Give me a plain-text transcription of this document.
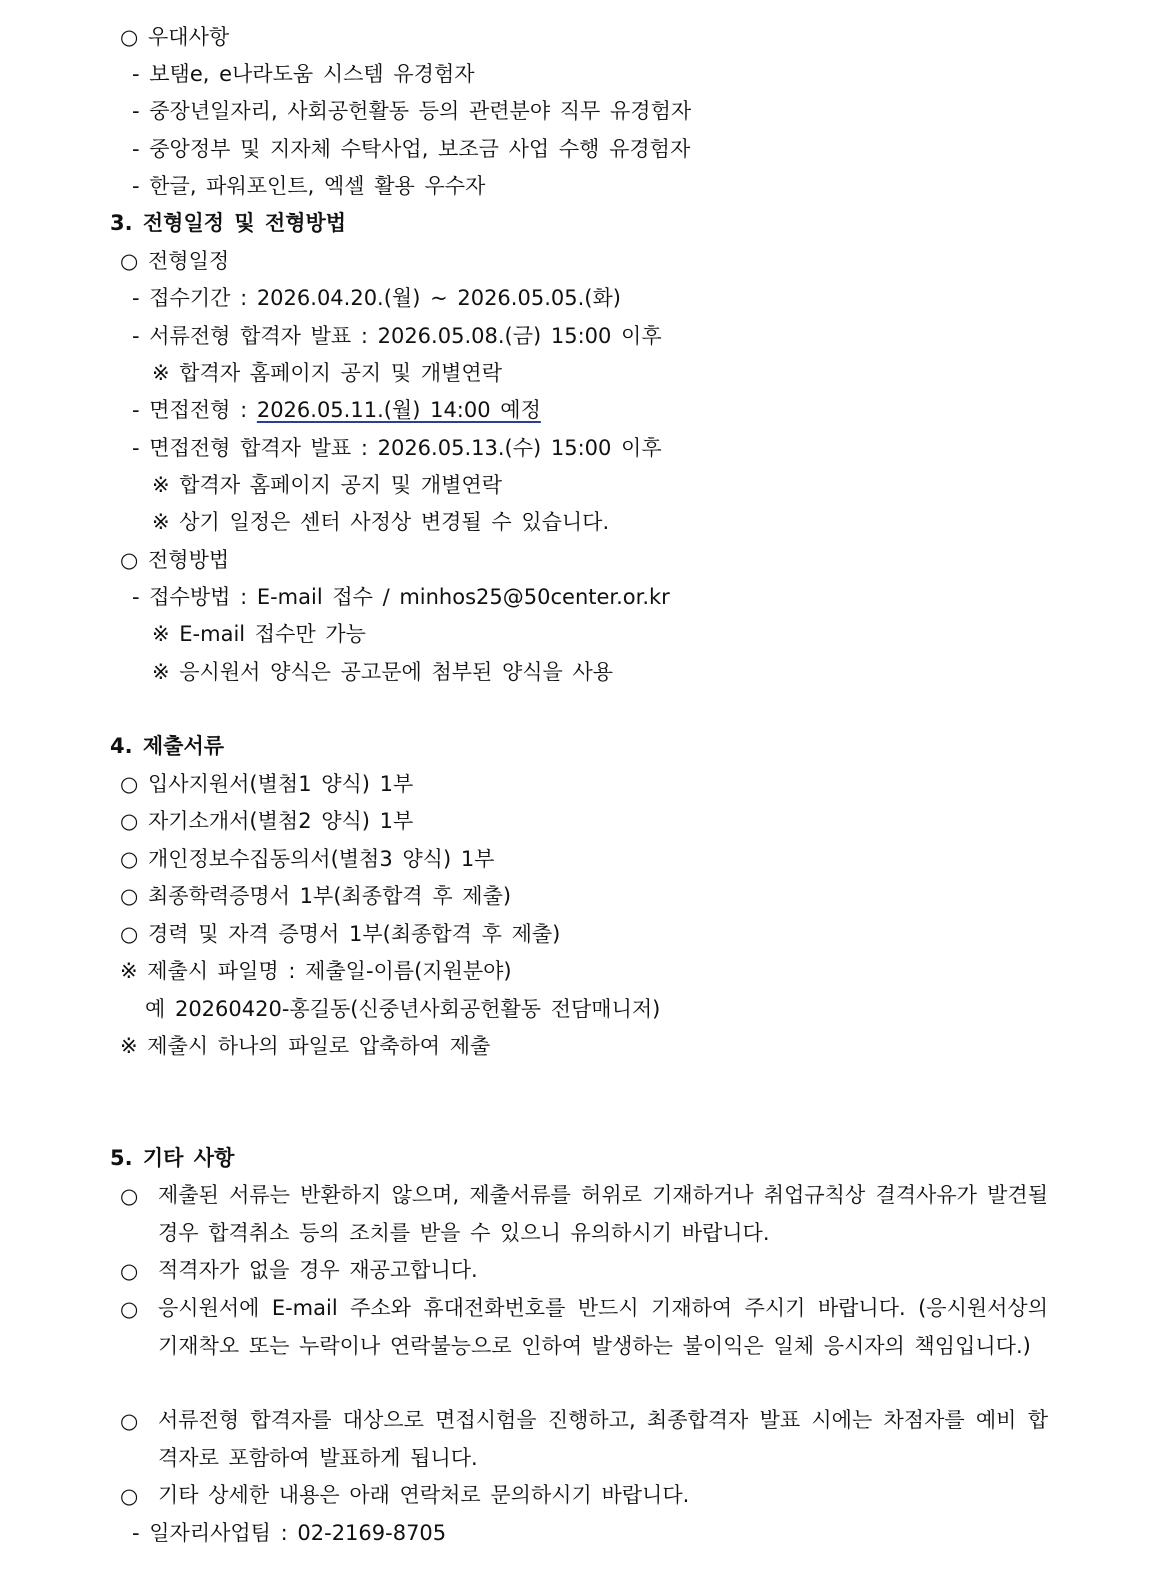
○ 우대사항
- 보탬e, e나라도움 시스템 유경험자
- 중장년일자리, 사회공헌활동 등의 관련분야 직무 유경험자
- 중앙정부 및 지자체 수탁사업, 보조금 사업 수행 유경험자
- 한글, 파워포인트, 엑셀 활용 우수자
3. 전형일정 및 전형방법
○ 전형일정
- 접수기간 : 2026.04.20.(월) ~ 2026.05.05.(화)
- 서류전형 합격자 발표 : 2026.05.08.(금) 15:00 이후
※ 합격자 홈페이지 공지 및 개별연락
- 면접전형 : 2026.05.11.(월) 14:00 예정
- 면접전형 합격자 발표 : 2026.05.13.(수) 15:00 이후
※ 합격자 홈페이지 공지 및 개별연락
※ 상기 일정은 센터 사정상 변경될 수 있습니다.
○ 전형방법
- 접수방법 : E-mail 접수 / minhos25@50center.or.kr
※ E-mail 접수만 가능
※ 응시원서 양식은 공고문에 첨부된 양식을 사용
4. 제출서류
○ 입사지원서(별첨1 양식) 1부
○ 자기소개서(별첨2 양식) 1부
○ 개인정보수집동의서(별첨3 양식) 1부
○ 최종학력증명서 1부(최종합격 후 제출)
○ 경력 및 자격 증명서 1부(최종합격 후 제출)
※ 제출시 파일명 : 제출일-이름(지원분야)
예 20260420-홍길동(신중년사회공헌활동 전담매니저)
※ 제출시 하나의 파일로 압축하여 제출
5. 기타 사항
○ 제출된 서류는 반환하지 않으며, 제출서류를 허위로 기재하거나 취업규칙상 결격사유가 발견될 경우 합격취소 등의 조치를 받을 수 있으니 유의하시기 바랍니다.
○ 적격자가 없을 경우 재공고합니다.
○ 응시원서에 E-mail 주소와 휴대전화번호를 반드시 기재하여 주시기 바랍니다. (응시원서상의 기재착오 또는 누락이나 연락불능으로 인하여 발생하는 불이익은 일체 응시자의 책임입니다.)
○ 서류전형 합격자를 대상으로 면접시험을 진행하고, 최종합격자 발표 시에는 차점자를 예비 합격자로 포함하여 발표하게 됩니다.
○ 기타 상세한 내용은 아래 연락처로 문의하시기 바랍니다.
- 일자리사업팀 : 02-2169-8705
